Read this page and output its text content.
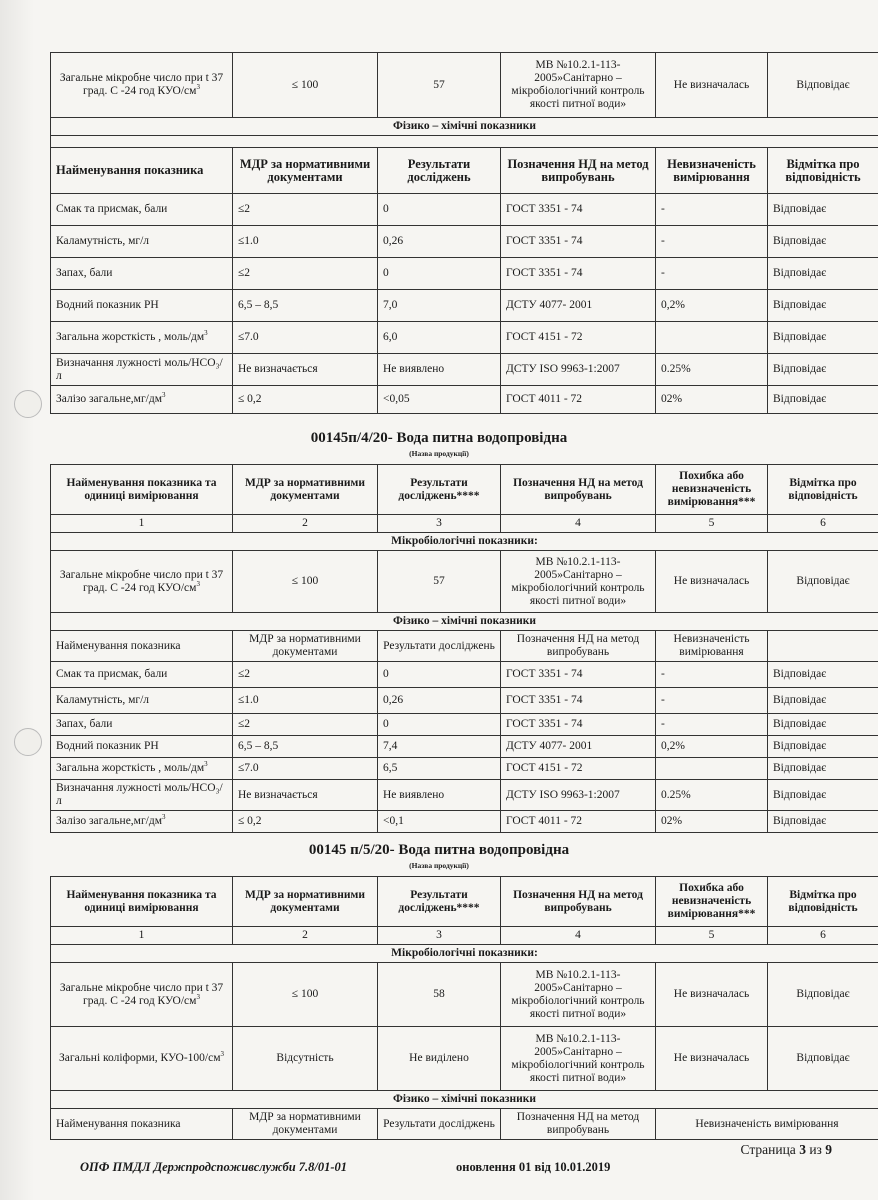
Загальне мікробне число при t 37 град. С -24 год КУО/$см^3$	≤ 100	57	МВ №10.2.1-113-2005»Санітарно – мікробіологічний контроль якості питної води»	Не визначалась	Відповідає
Фізико – хімічні показники					

Найменування показника	МДР за нормативними документами	Результати досліджень	Позначення НД на метод випробувань	Невизначеність вимірювання	Відмітка про відповідність
Смак та присмак, бали	≤2	0	ГОСТ 3351 - 74	-	Відповідає
Каламутність, мг/л	≤1.0	0,26	ГОСТ 3351 - 74	-	Відповідає
Запах, бали	≤2	0	ГОСТ 3351 - 74	-	Відповідає
Водний показник РН	6,5 – 8,5	7,0	ДСТУ 4077- 2001	0,2%	Відповідає
Загальна жорсткість , моль/$дм^3$	≤7.0	6,0	ГОСТ 4151 - 72		Відповідає
Визначання лужності моль/НСО₃/л	Не визначається	Не виявлено	ДСТУ ISO 9963-1:2007	0.25%	Відповідає
Залізо $загальне,мг/дм^3$	≤ 0,2	<0,05	ГОСТ 4011 - 72	02%	Відповідає
00145п/4/20- Вода питна водопровідна
(Назва продукції)
Найменування показника та одиниці вимірювання	МДР за нормативними документами	Результати досліджень****	Позначення НД на метод випробувань	Похибка або невизначеність вимірювання***	Відмітка про відповідність
1	2	3	4	5	6
Мікробіологічні показники:					
Загальне мікробне число при t 37 град. С -24 год КУО/$см^3$	≤ 100	57	МВ №10.2.1-113-2005»Санітарно – мікробіологічний контроль якості питної води»	Не визначалась	Відповідає
Фізико – хімічні показники					
Найменування показника	МДР за нормативними документами	Результати досліджень	Позначення НД на метод випробувань	Невизначеність вимірювання	
Смак та присмак, бали	≤2	0	ГОСТ 3351 - 74	-	Відповідає
Каламутність, мг/л	≤1.0	0,26	ГОСТ 3351 - 74	-	Відповідає
Запах, бали	≤2	0	ГОСТ 3351 - 74	-	Відповідає
Водний показник РН	6,5 – 8,5	7,4	ДСТУ 4077- 2001	0,2%	Відповідає
Загальна жорсткість , моль/$дм^3$	≤7.0	6,5	ГОСТ 4151 - 72		Відповідає
Визначання лужності моль/НСО₃/л	Не визначається	Не виявлено	ДСТУ ISO 9963-1:2007	0.25%	Відповідає
Залізо $загальне,мг/дм^3$	≤ 0,2	<0,1	ГОСТ 4011 - 72	02%	Відповідає
00145 п/5/20- Вода питна водопровідна
(Назва продукції)
Найменування показника та одиниці вимірювання	МДР за нормативними документами	Результати досліджень****	Позначення НД на метод випробувань	Похибка або невизначеність вимірювання***	Відмітка про відповідність
1	2	3	4	5	6
Мікробіологічні показники:					
Загальне мікробне число при t 37 град. С -24 год КУО/$см^3$	≤ 100	58	МВ №10.2.1-113-2005»Санітарно – мікробіологічний контроль якості питної води»	Не визначалась	Відповідає
Загальні коліформи, КУО-$100/см^3$	Відсутність	Не виділено	МВ №10.2.1-113-2005»Санітарно – мікробіологічний контроль якості питної води»	Не визначалась	Відповідає
Фізико – хімічні показники					
Найменування показника	МДР за нормативними документами	Результати досліджень	Позначення НД на метод випробувань	Невизначеність вимірювання	
Страница 3 из 9
ОПФ ПМДЛ Держпродспоживслужби 7.8/01-01	оновлення 01 від 10.01.2019
